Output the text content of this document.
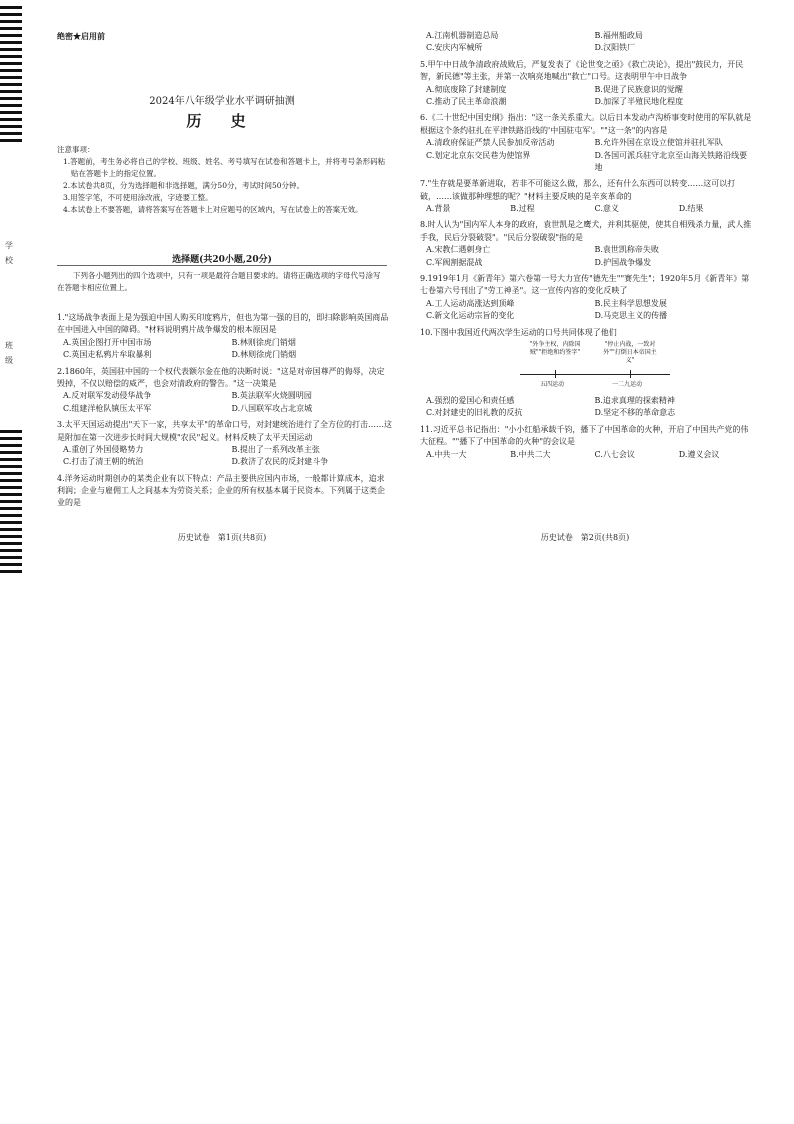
学
校
班
级
绝密★启用前
2024年八年级学业水平调研抽测
历 史

注意事项：

1.答题前，考生务必将自己的学校、班级、姓名、考号填写在试卷和答题卡上，并将考号条形码粘贴在答题卡上的指定位置。

2.本试卷共8页，分为选择题和非选择题，满分50分，考试时间50分钟。

3.用签字笔，不可使用涂改液，字迹要工整。

4.本试卷上不要答题，请将答案写在答题卡上对应题号的区域内，写在试卷上的答案无效。

选择题(共20小题,20分)
下列各小题列出的四个选项中，只有一项是最符合题目要求的。请将正确选项的字母代号涂写在答题卡相应位置上。

1."这场战争表面上是为强迫中国人购买印度鸦片，但也为第一强的目的，即扫除影响英国商品在中国进入中国的障碍。"材料说明鸦片战争爆发的根本原因是

A.英国企图打开中国市场	B.林则徐虎门销烟
C.英国走私鸦片牟取暴利	D.林则徐虎门销烟

2.1860年，英国驻中国的一个权代表额尔金在他的决断时说："这是对帝国尊严的侮辱，决定毁掉，不仅以赔偿的威严，也会对清政府的警告。"这一决策是

A.反对联军发动侵华战争	B.英法联军火烧圆明园
C.组建洋枪队镇压太平军	D.八国联军攻占北京城

3.太平天国运动提出"天下一家，共享太平"的革命口号，对封建统治进行了全方位的打击……这是附加在第一次进步长时间大规模"农民"起义。材料反映了太平天国运动

A.重创了外国侵略势力	B.提出了一系列改革主张
C.打击了清王朝的统治	D.救济了农民的反封建斗争

4.洋务运动时期创办的某类企业有以下特点：产品主要供应国内市场，一般都计算成本，追求利润；企业与雇佣工人之间基本为劳资关系；企业的所有权基本属于民资本。下列属于这类企业的是

历史试卷　第1页(共8页)
A.江南机器制造总局	B.福州船政局
C.安庆内军械所	D.汉阳铁厂

5.甲午中日战争清政府战败后，严复发表了《论世变之亟》《救亡决论》，提出"鼓民力，开民智，新民德"等主张，并第一次响亮地喊出"救亡"口号。这表明甲午中日战争

A.彻底废除了封建制度	B.促进了民族意识的觉醒
C.推动了民主革命浪潮	D.加深了半殖民地化程度

6.《二十世纪中国史纲》指出："这一条关系重大。以后日本发动卢沟桥事变时使用的军队就是根据这个条约驻扎在平津铁路沿线的'中国驻屯军'。""这一条"的内容是

A.清政府保证严禁人民参加反帝活动	B.允许外国在京设立使馆并驻扎军队
C.划定北京东交民巷为使馆界	D.各国可派兵驻守北京至山海关铁路沿线要地

7."生存就是要革新进取，若非不可能这么做，那么，还有什么东西可以转变……这可以打破，……该做那种理想的呢？"材料主要反映的是辛亥革命的

A.背景	B.过程	C.意义	D.结果

8.时人认为"国内军人本身的政府，袁世凯是之鹰犬，并利其驱使，使其自相残杀力量，武人推手我，民后分裂破裂"。"民后分裂破裂"指的是

A.宋教仁遇刺身亡	B.袁世凯称帝失败
C.军阀割据混战	D.护国战争爆发

9.1919年1月《新青年》第六卷第一号大力宣传"德先生""赛先生"；1920年5月《新青年》第七卷第六号刊出了"劳工神圣"。这一宣传内容的变化反映了

A.工人运动高涨达到顶峰	B.民主科学思想发展
C.新文化运动宗旨的变化	D.马克思主义的传播

10.下图中我国近代两次学生运动的口号共同体现了他们

"外争主权，内除国贼""拒绝和约签字"
"停止内战，一致对外""打倒日本帝国主义"
五四运动	一二九运动
A.强烈的爱国心和责任感	B.追求真理的探索精神
C.对封建史的旧礼教的反抗	D.坚定不移的革命意志

11.习近平总书记指出："小小红船承载千钧，播下了中国革命的火种，开启了中国共产党的伟大征程。""播下了中国革命的火种"的会议是

A.中共一大	B.中共二大	C.八七会议	D.遵义会议
历史试卷　第2页(共8页)
